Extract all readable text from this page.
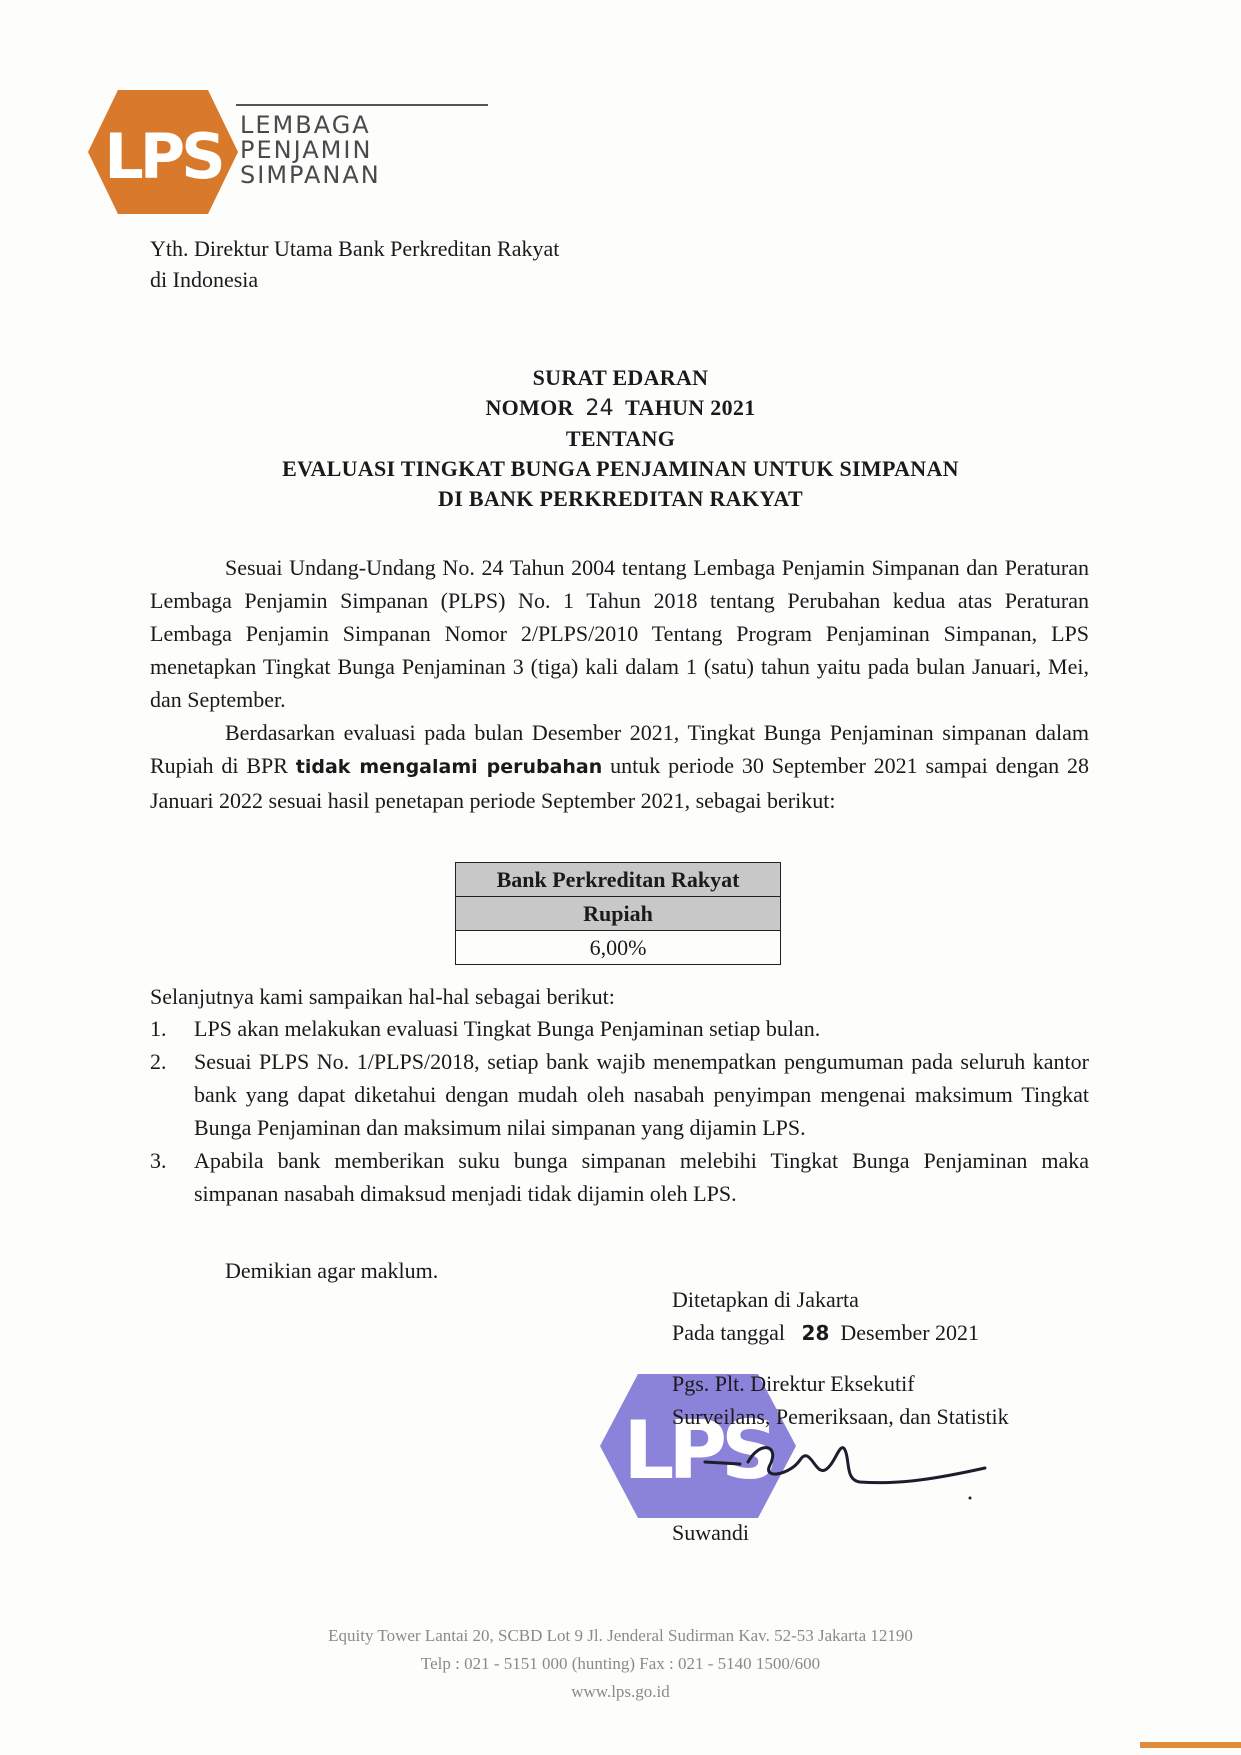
LPS LEMBAGA
PENJAMIN
SIMPANAN
Yth. Direktur Utama Bank Perkreditan Rakyat
di Indonesia
SURAT EDARAN
NOMOR 24 TAHUN 2021
TENTANG
EVALUASI TINGKAT BUNGA PENJAMINAN UNTUK SIMPANAN
DI BANK PERKREDITAN RAKYAT

Sesuai Undang-Undang No. 24 Tahun 2004 tentang Lembaga Penjamin Simpanan dan Peraturan Lembaga Penjamin Simpanan (PLPS) No. 1 Tahun 2018 tentang Perubahan kedua atas Peraturan Lembaga Penjamin Simpanan Nomor 2/PLPS/2010 Tentang Program Penjaminan Simpanan, LPS menetapkan Tingkat Bunga Penjaminan 3 (tiga) kali dalam 1 (satu) tahun yaitu pada bulan Januari, Mei, dan September.

Berdasarkan evaluasi pada bulan Desember 2021, Tingkat Bunga Penjaminan simpanan dalam Rupiah di BPR tidak mengalami perubahan untuk periode 30 September 2021 sampai dengan 28 Januari 2022 sesuai hasil penetapan periode September 2021, sebagai berikut:

Bank Perkreditan Rakyat
Rupiah
6,00%
Selanjutnya kami sampaikan hal-hal sebagai berikut:
1. LPS akan melakukan evaluasi Tingkat Bunga Penjaminan setiap bulan.
2. Sesuai PLPS No. 1/PLPS/2018, setiap bank wajib menempatkan pengumuman pada seluruh kantor bank yang dapat diketahui dengan mudah oleh nasabah penyimpan mengenai maksimum Tingkat Bunga Penjaminan dan maksimum nilai simpanan yang dijamin LPS.
3. Apabila bank memberikan suku bunga simpanan melebihi Tingkat Bunga Penjaminan maka simpanan nasabah dimaksud menjadi tidak dijamin oleh LPS.
Demikian agar maklum.
Ditetapkan di Jakarta
Pada tanggal 28 Desember 2021
LPS
Pgs. Plt. Direktur Eksekutif
Surveilans, Pemeriksaan, dan Statistik
Suwandi
Equity Tower Lantai 20, SCBD Lot 9 Jl. Jenderal Sudirman Kav. 52-53 Jakarta 12190
Telp : 021 - 5151 000 (hunting) Fax : 021 - 5140 1500/600
www.lps.go.id
